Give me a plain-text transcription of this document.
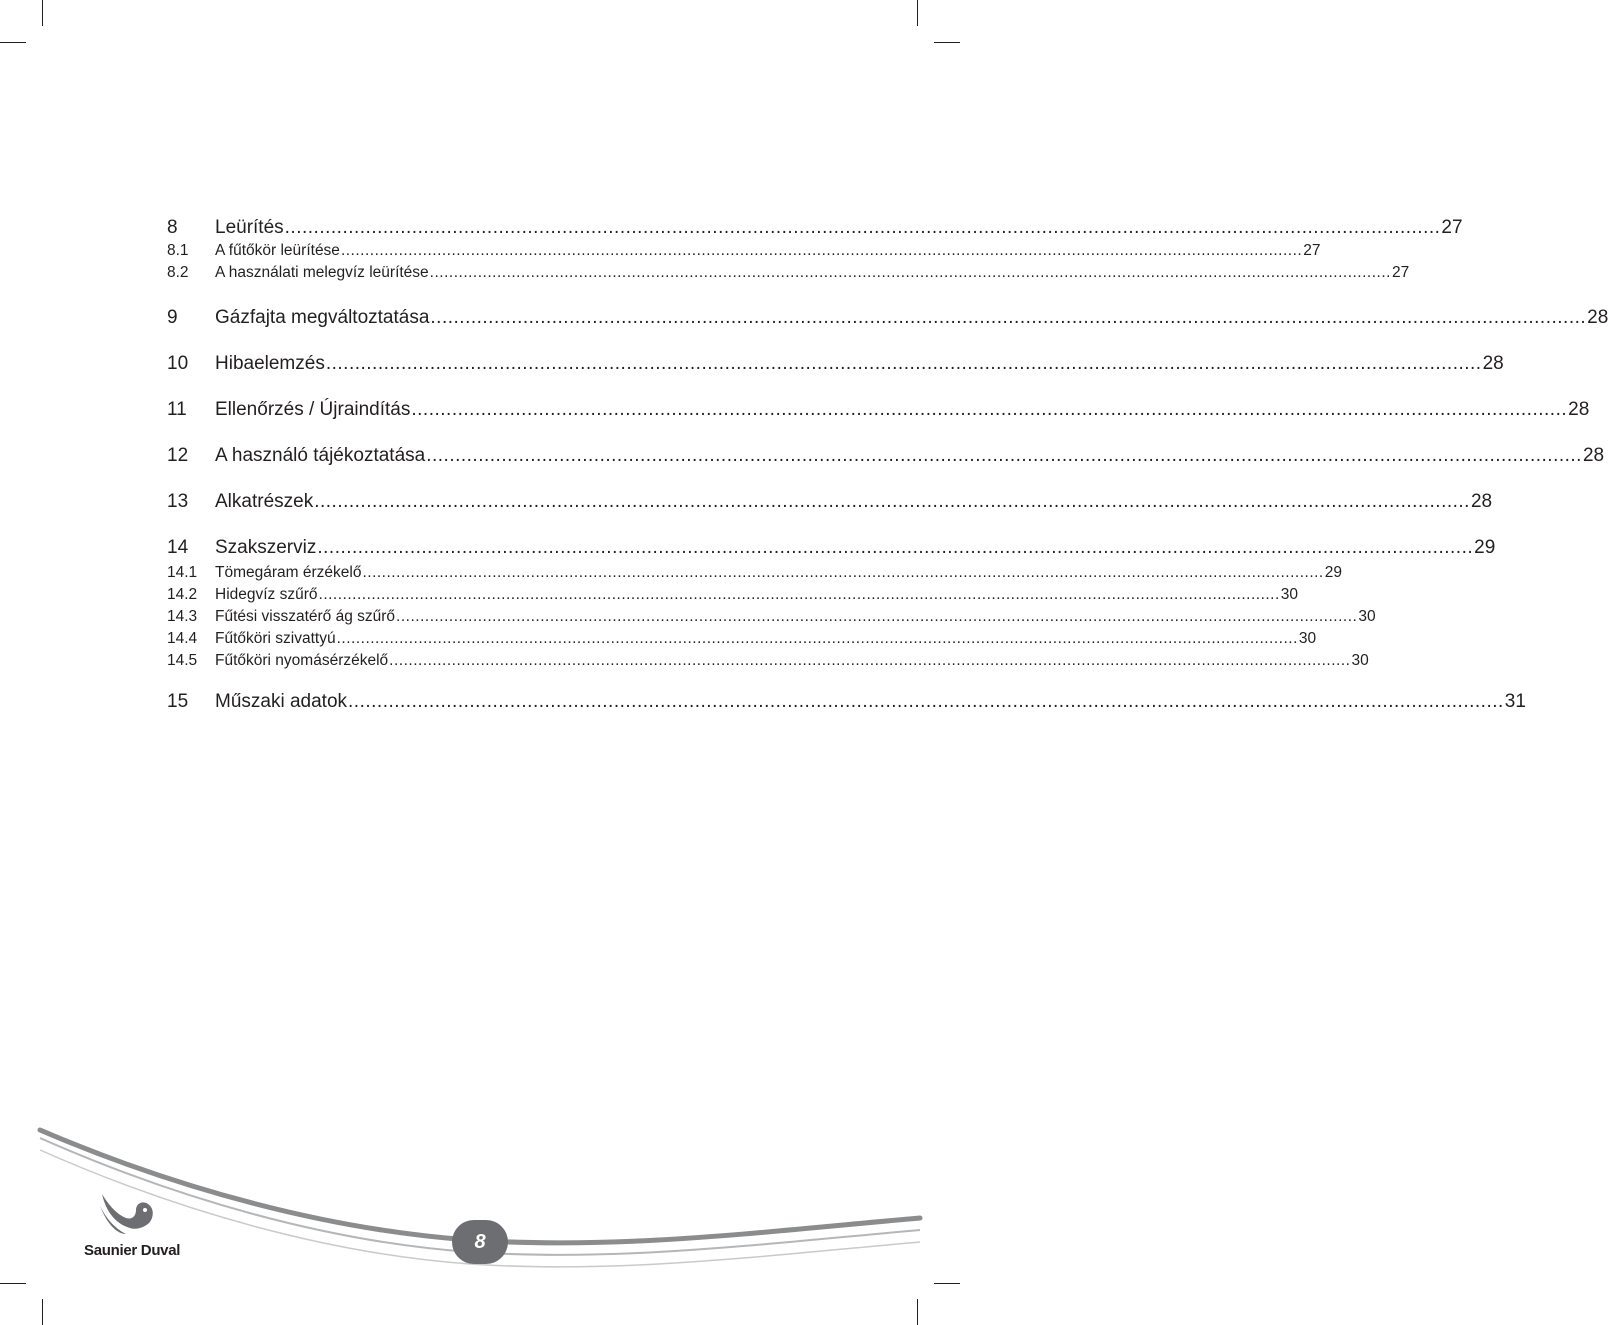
8	Leürítés ........................................................................................................................................................................................................ 27
8.1	A fűtőkör leürítése ........................................................................................................................................................................................................ 27
8.2	A használati melegvíz leürítése ........................................................................................................................................................................................................ 27
9	Gázfajta megváltoztatása ........................................................................................................................................................................................................ 28
10	Hibaelemzés ........................................................................................................................................................................................................ 28
11	Ellenőrzés / Újraindítás ........................................................................................................................................................................................................ 28
12	A használó tájékoztatása ........................................................................................................................................................................................................ 28
13	Alkatrészek ........................................................................................................................................................................................................ 28
14	Szakszerviz ........................................................................................................................................................................................................ 29
14.1	Tömegáram érzékelő ........................................................................................................................................................................................................ 29
14.2	Hidegvíz szűrő ........................................................................................................................................................................................................ 30
14.3	Fűtési visszatérő ág szűrő ........................................................................................................................................................................................................ 30
14.4	Fűtőköri szivattyú ........................................................................................................................................................................................................ 30
14.5	Fűtőköri nyomásérzékelő ........................................................................................................................................................................................................ 30
15	Műszaki adatok ........................................................................................................................................................................................................ 31
Saunier Duval	8
